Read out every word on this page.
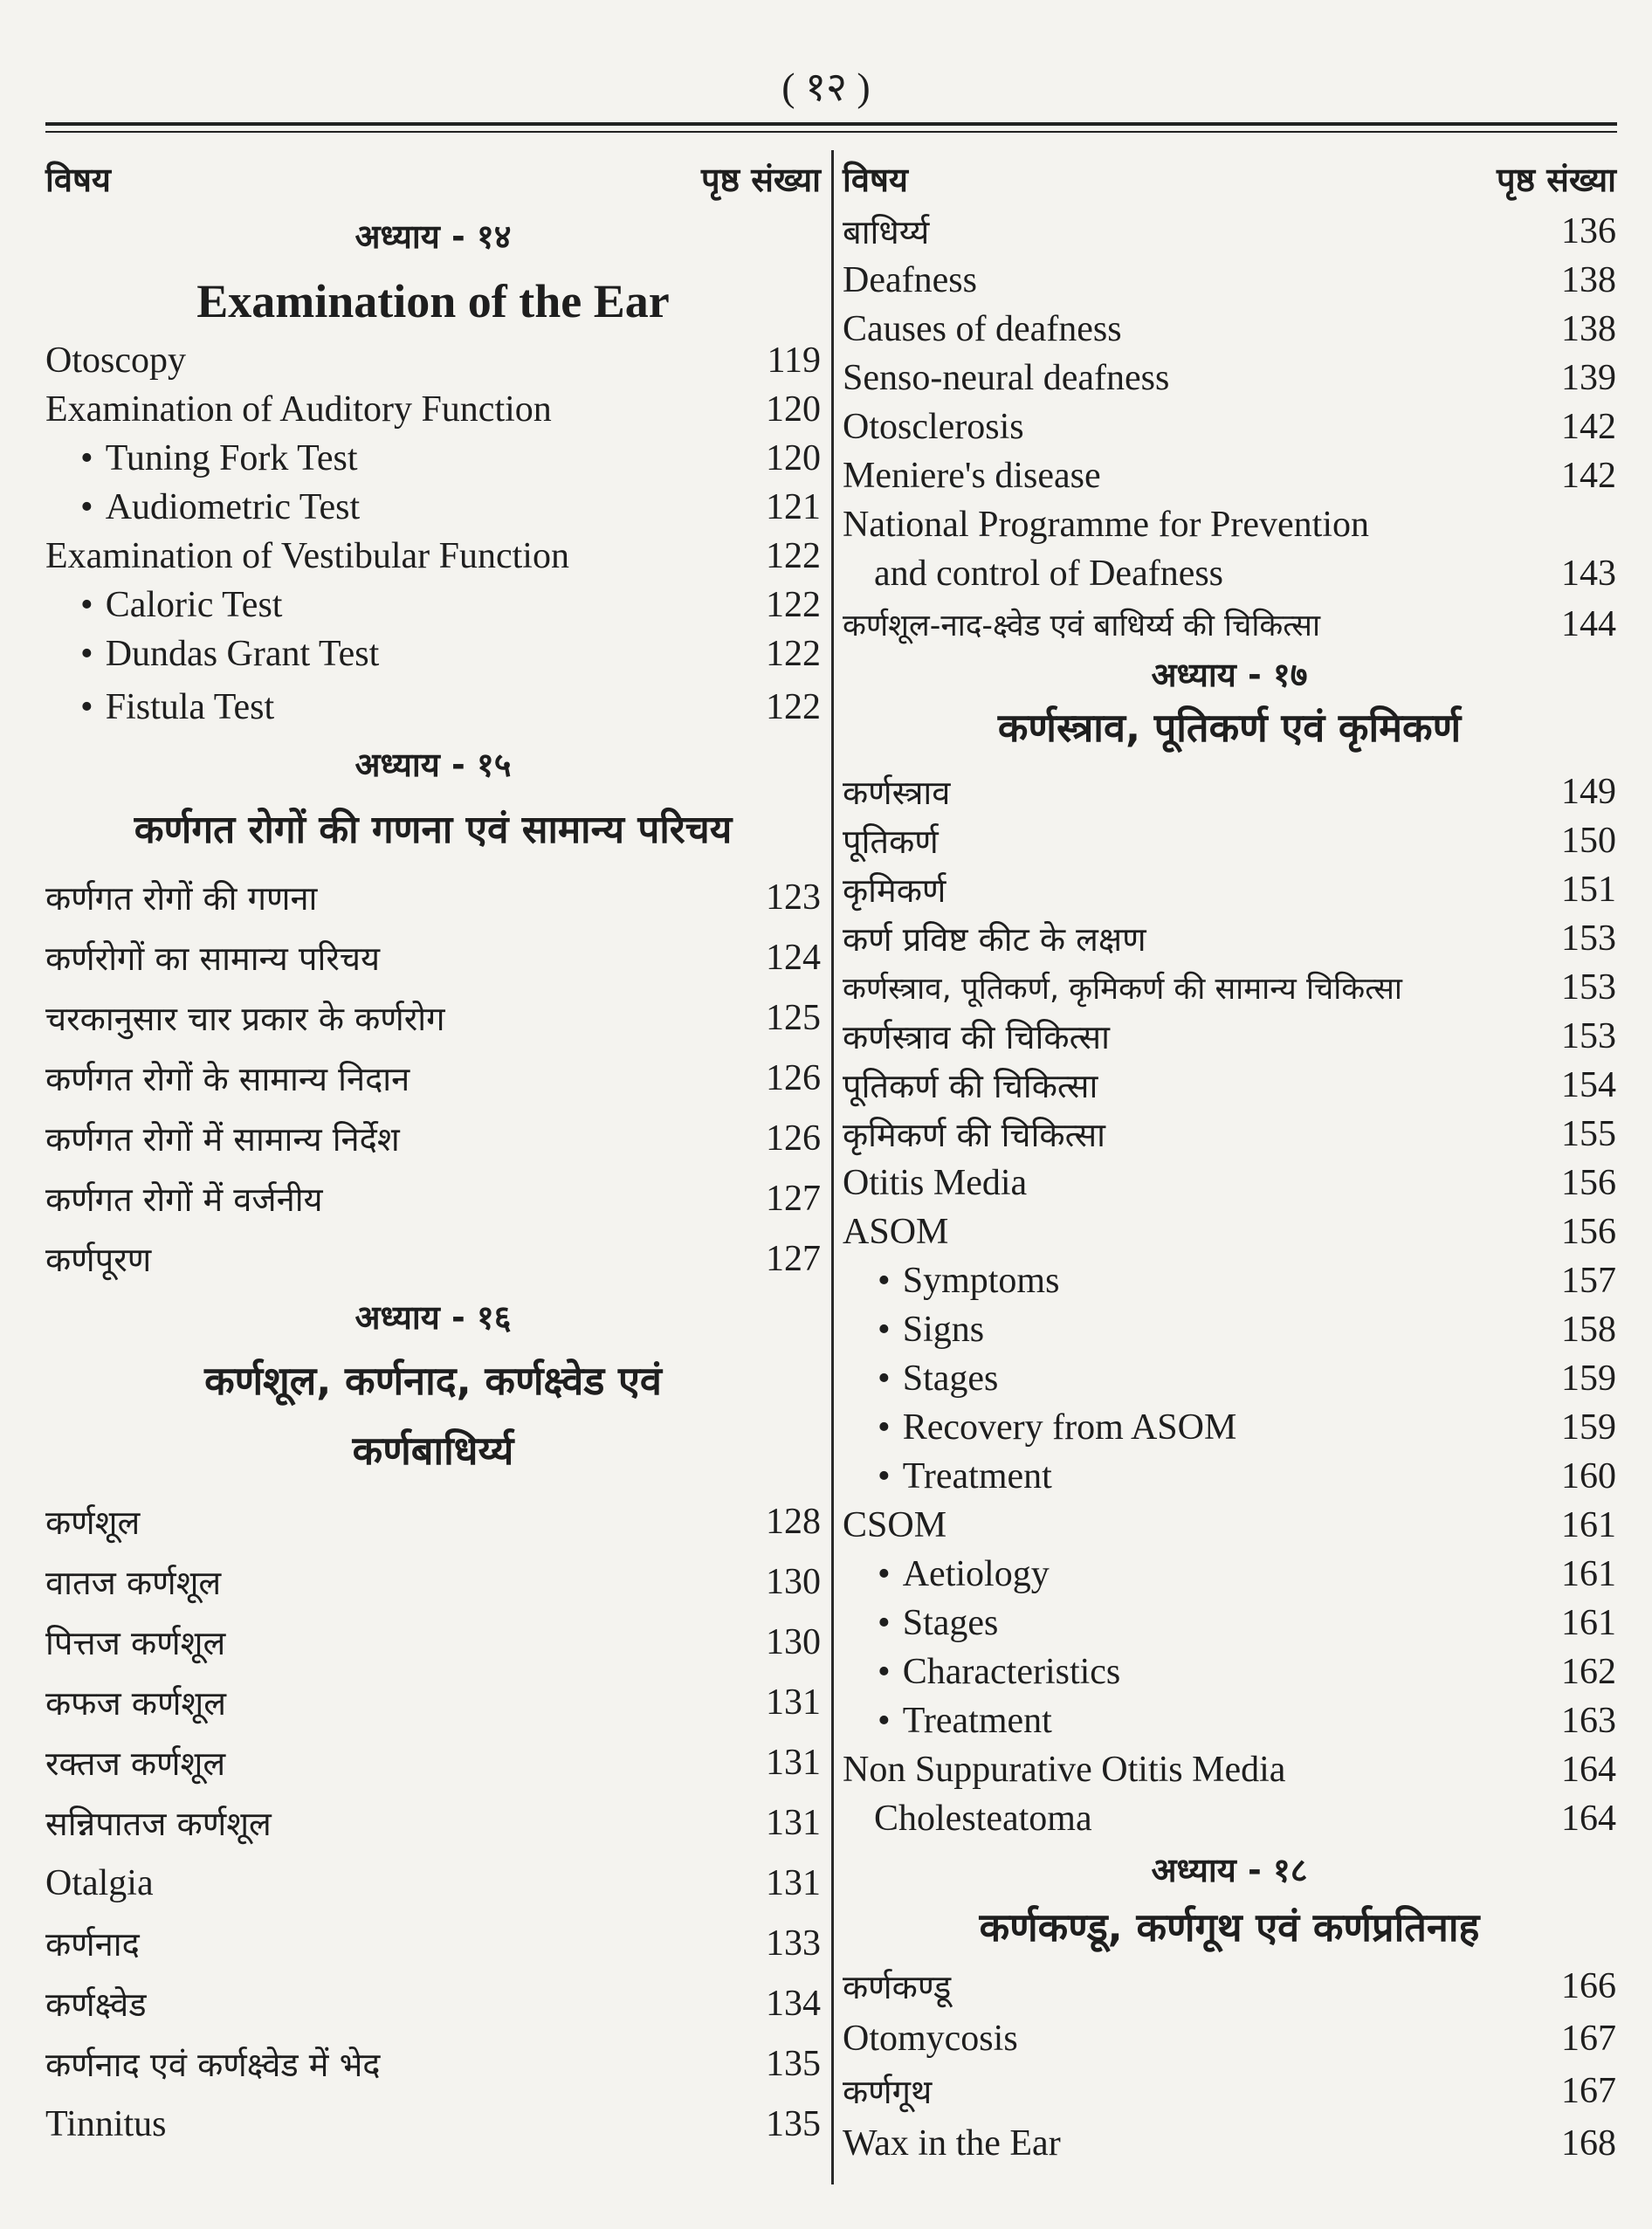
( १२ )
विषय	पृष्ठ संख्या
अध्याय - १४
Examination of the Ear
Otoscopy	119
Examination of Auditory Function	120
• Tuning Fork Test	120
• Audiometric Test	121
Examination of Vestibular Function	122
• Caloric Test	122
• Dundas Grant Test	122
• Fistula Test	122
अध्याय - १५
कर्णगत रोगों की गणना एवं सामान्य परिचय
कर्णगत रोगों की गणना	123
कर्णरोगों का सामान्य परिचय	124
चरकानुसार चार प्रकार के कर्णरोग	125
कर्णगत रोगों के सामान्य निदान	126
कर्णगत रोगों में सामान्य निर्देश	126
कर्णगत रोगों में वर्जनीय	127
कर्णपूरण	127
अध्याय - १६
कर्णशूल, कर्णनाद, कर्णक्ष्वेड एवं
कर्णबाधिर्य्य
कर्णशूल	128
वातज कर्णशूल	130
पित्तज कर्णशूल	130
कफज कर्णशूल	131
रक्तज कर्णशूल	131
सन्निपातज कर्णशूल	131
Otalgia	131
कर्णनाद	133
कर्णक्ष्वेड	134
कर्णनाद एवं कर्णक्ष्वेड में भेद	135
Tinnitus	135
विषय	पृष्ठ संख्या
बाधिर्य्य	136
Deafness	138
Causes of deafness	138
Senso-neural deafness	139
Otosclerosis	142
Meniere's disease	142
National Programme for Prevention
and control of Deafness	143
कर्णशूल-नाद-क्ष्वेड एवं बाधिर्य्य की चिकित्सा	144
अध्याय - १७
कर्णस्त्राव, पूतिकर्ण एवं कृमिकर्ण
कर्णस्त्राव	149
पूतिकर्ण	150
कृमिकर्ण	151
कर्ण प्रविष्ट कीट के लक्षण	153
कर्णस्त्राव, पूतिकर्ण, कृमिकर्ण की सामान्य चिकित्सा	153
कर्णस्त्राव की चिकित्सा	153
पूतिकर्ण की चिकित्सा	154
कृमिकर्ण की चिकित्सा	155
Otitis Media	156
ASOM	156
• Symptoms	157
• Signs	158
• Stages	159
• Recovery from ASOM	159
• Treatment	160
CSOM	161
• Aetiology	161
• Stages	161
• Characteristics	162
• Treatment	163
Non Suppurative Otitis Media	164
Cholesteatoma	164
अध्याय - १८
कर्णकण्डू, कर्णगूथ एवं कर्णप्रतिनाह
कर्णकण्डू	166
Otomycosis	167
कर्णगूथ	167
Wax in the Ear	168
